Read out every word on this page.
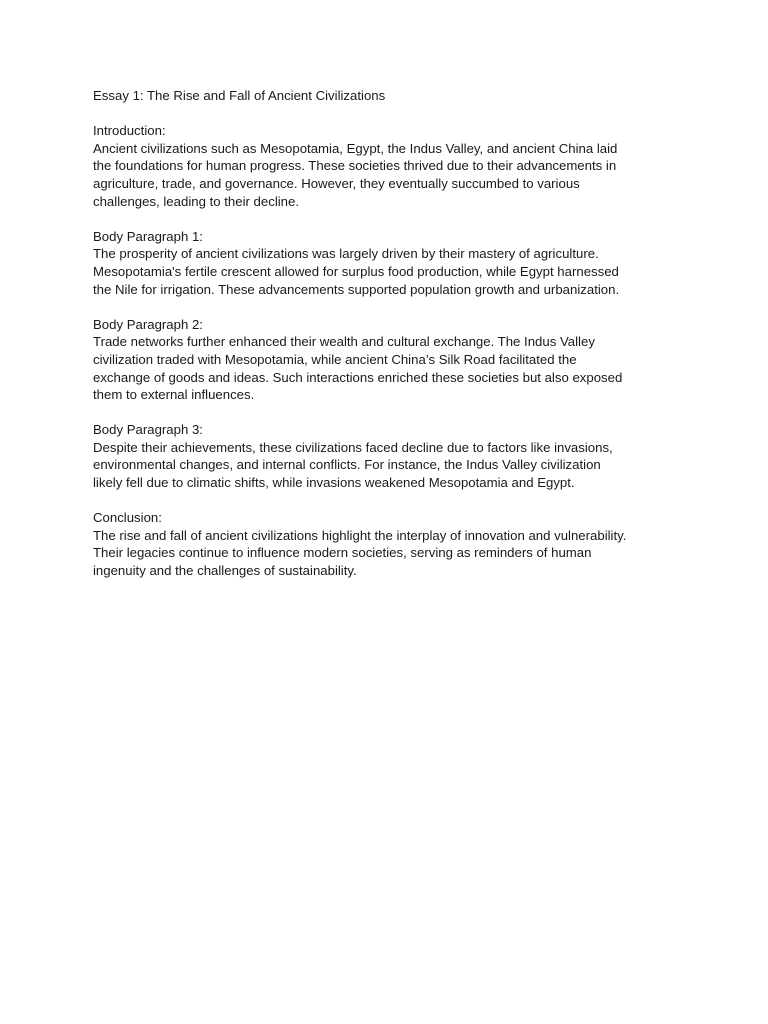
Essay 1: The Rise and Fall of Ancient Civilizations
Introduction:
Ancient civilizations such as Mesopotamia, Egypt, the Indus Valley, and ancient China laid
the foundations for human progress. These societies thrived due to their advancements in
agriculture, trade, and governance. However, they eventually succumbed to various
challenges, leading to their decline.
Body Paragraph 1:
The prosperity of ancient civilizations was largely driven by their mastery of agriculture.
Mesopotamia's fertile crescent allowed for surplus food production, while Egypt harnessed
the Nile for irrigation. These advancements supported population growth and urbanization.
Body Paragraph 2:
Trade networks further enhanced their wealth and cultural exchange. The Indus Valley
civilization traded with Mesopotamia, while ancient China’s Silk Road facilitated the
exchange of goods and ideas. Such interactions enriched these societies but also exposed
them to external influences.
Body Paragraph 3:
Despite their achievements, these civilizations faced decline due to factors like invasions,
environmental changes, and internal conflicts. For instance, the Indus Valley civilization
likely fell due to climatic shifts, while invasions weakened Mesopotamia and Egypt.
Conclusion:
The rise and fall of ancient civilizations highlight the interplay of innovation and vulnerability.
Their legacies continue to influence modern societies, serving as reminders of human
ingenuity and the challenges of sustainability.
